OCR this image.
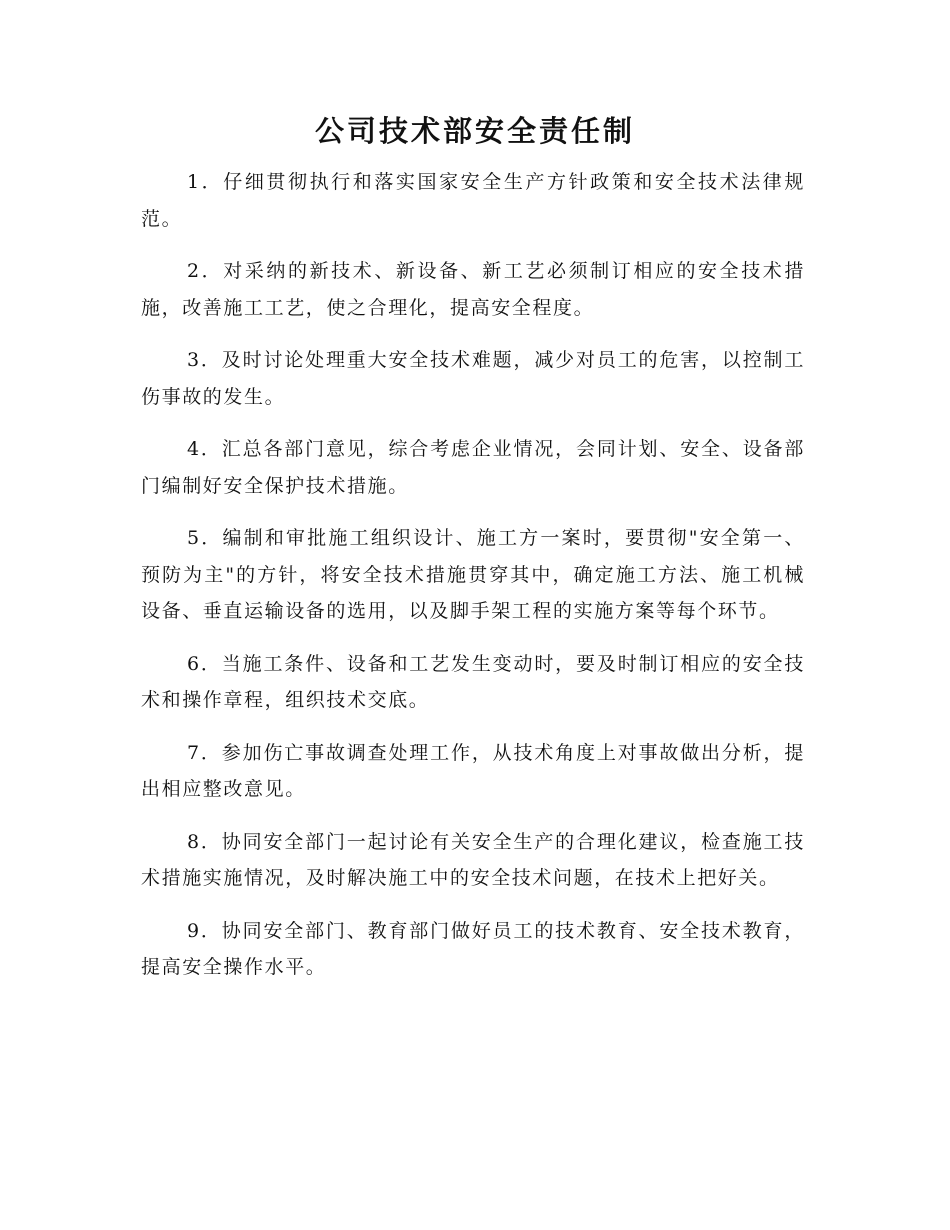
公司技术部安全责任制

1．仔细贯彻执行和落实国家安全生产方针政策和安全技术法律规范。

2．对采纳的新技术、新设备、新工艺必须制订相应的安全技术措施，改善施工工艺，使之合理化，提高安全程度。

3．及时讨论处理重大安全技术难题，减少对员工的危害，以控制工伤事故的发生。

4．汇总各部门意见，综合考虑企业情况，会同计划、安全、设备部门编制好安全保护技术措施。

5．编制和审批施工组织设计、施工方一案时，要贯彻"安全第一、预防为主"的方针，将安全技术措施贯穿其中，确定施工方法、施工机械设备、垂直运输设备的选用，以及脚手架工程的实施方案等每个环节。

6．当施工条件、设备和工艺发生变动时，要及时制订相应的安全技术和操作章程，组织技术交底。

7．参加伤亡事故调查处理工作，从技术角度上对事故做出分析，提出相应整改意见。

8．协同安全部门一起讨论有关安全生产的合理化建议，检查施工技术措施实施情况，及时解决施工中的安全技术问题，在技术上把好关。

9．协同安全部门、教育部门做好员工的技术教育、安全技术教育，提高安全操作水平。
